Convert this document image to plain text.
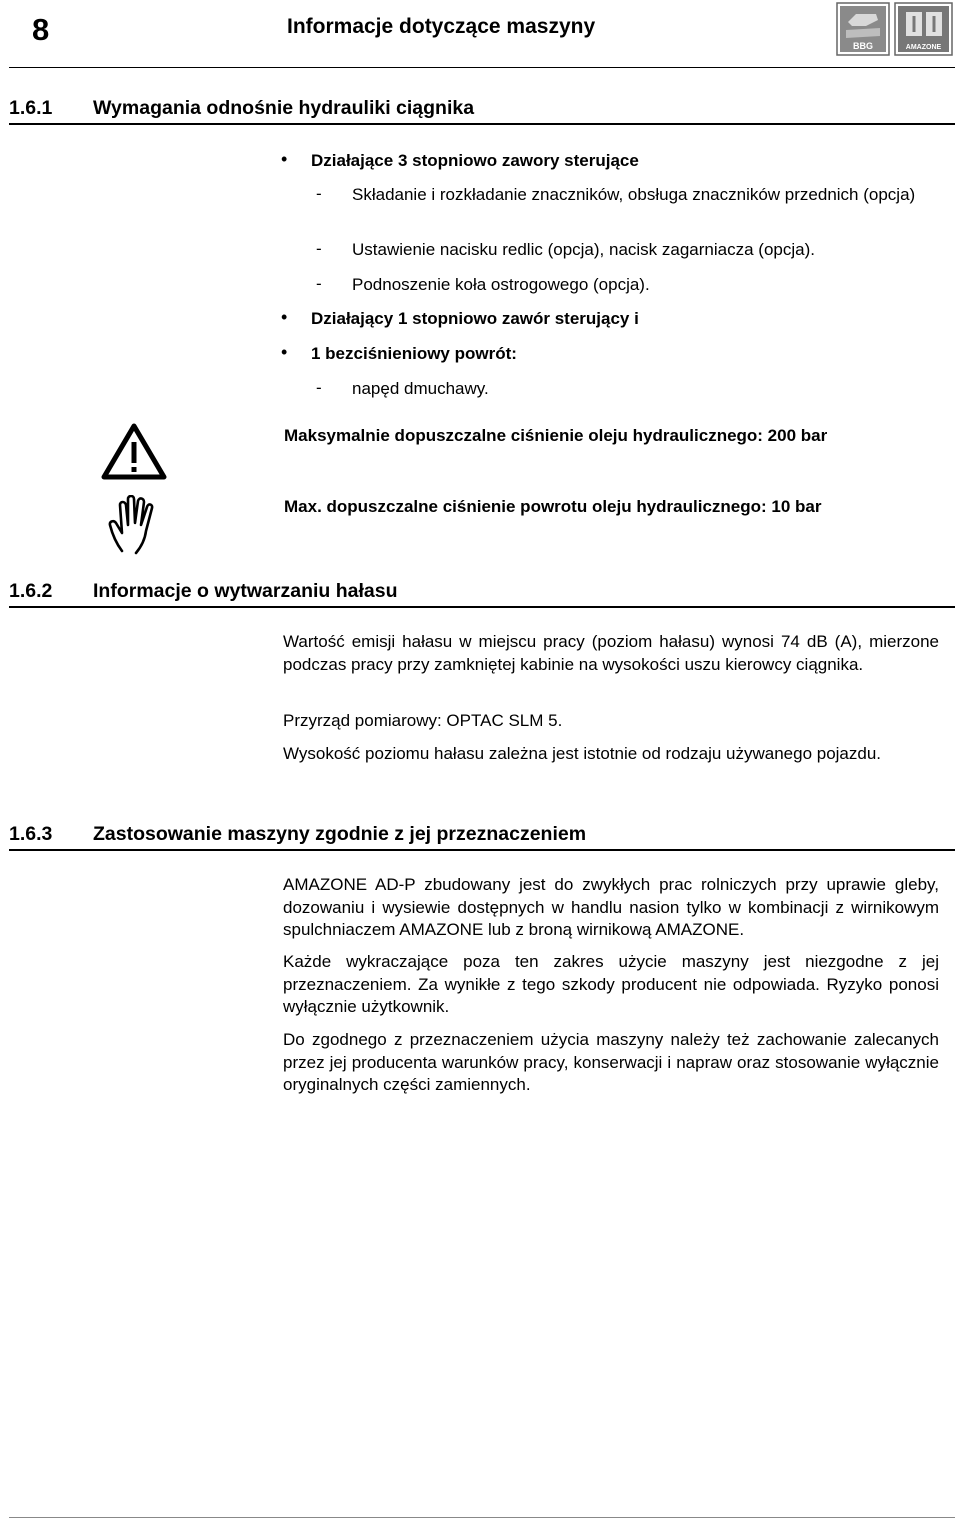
8	Informacje dotyczące maszyny
BBG	AMAZONE
1.6.1 Wymagania odnośnie hydrauliki ciągnika
• Działające 3 stopniowo zawory sterujące
- Składanie i rozkładanie znaczników, obsługa znaczników przednich (opcja)
- Ustawienie nacisku redlic (opcja), nacisk zagarniacza (opcja).
- Podnoszenie koła ostrogowego (opcja).
• Działający 1 stopniowo zawór sterujący i
• 1 bezciśnieniowy powrót:
- napęd dmuchawy.
Maksymalnie dopuszczalne ciśnienie oleju hydraulicznego: 200 bar
Max. dopuszczalne ciśnienie powrotu oleju hydraulicznego: 10 bar
1.6.2 Informacje o wytwarzaniu hałasu
Wartość emisji hałasu w miejscu pracy (poziom hałasu) wynosi 74 dB (A), mierzone podczas pracy przy zamkniętej kabinie na wysokości uszu kierowcy ciągnika.
Przyrząd pomiarowy: OPTAC SLM 5.
Wysokość poziomu hałasu zależna jest istotnie od rodzaju używanego pojazdu.
1.6.3 Zastosowanie maszyny zgodnie z jej przeznaczeniem
AMAZONE AD-P zbudowany jest do zwykłych prac rolniczych przy uprawie gleby, dozowaniu i wysiewie dostępnych w handlu nasion tylko w kombinacji z wirnikowym spulchniaczem AMAZONE lub z broną wirnikową AMAZONE.
Każde wykraczające poza ten zakres użycie maszyny jest niezgodne z jej przeznaczeniem. Za wynikłe z tego szkody producent nie odpowiada. Ryzyko ponosi wyłącznie użytkownik.
Do zgodnego z przeznaczeniem użycia maszyny należy też zachowanie zalecanych przez jej producenta warunków pracy, konserwacji i napraw oraz stosowanie wyłącznie oryginalnych części zamiennych.
